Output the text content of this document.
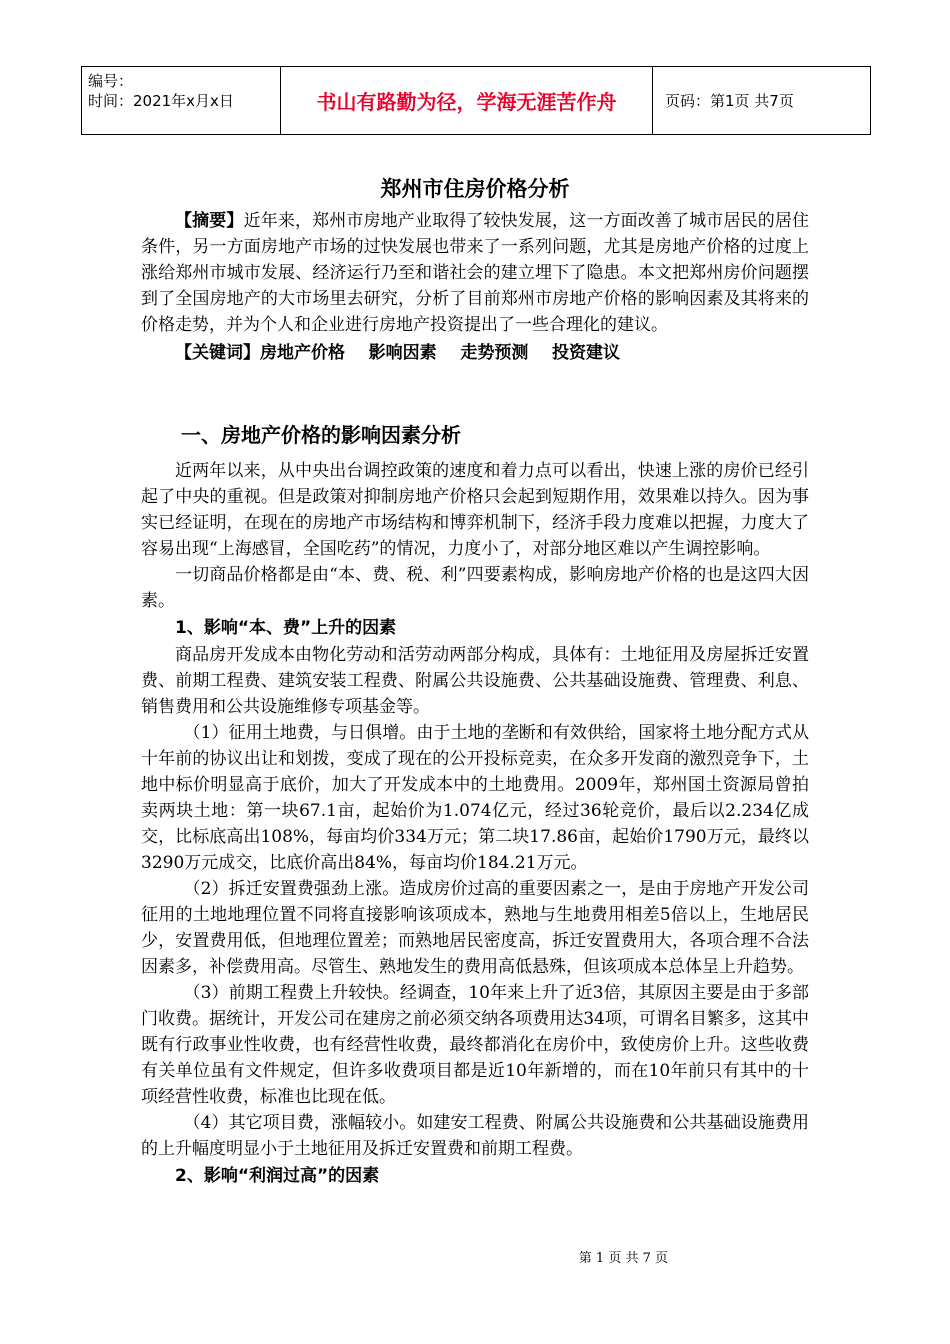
编号：
时间：2021年x月x日	书山有路勤为径，学海无涯苦作舟	页码：第1页 共7页
郑州市住房价格分析

【摘要】近年来，郑州市房地产业取得了较快发展，这一方面改善了城市居民的居住条件，另一方面房地产市场的过快发展也带来了一系列问题，尤其是房地产价格的过度上涨给郑州市城市发展、经济运行乃至和谐社会的建立埋下了隐患。本文把郑州房价问题摆到了全国房地产的大市场里去研究，分析了目前郑州市房地产价格的影响因素及其将来的价格走势，并为个人和企业进行房地产投资提出了一些合理化的建议。

【关键词】房地产价格    影响因素    走势预测    投资建议

一、房地产价格的影响因素分析

近两年以来，从中央出台调控政策的速度和着力点可以看出，快速上涨的房价已经引起了中央的重视。但是政策对抑制房地产价格只会起到短期作用，效果难以持久。因为事实已经证明，在现在的房地产市场结构和博弈机制下，经济手段力度难以把握，力度大了容易出现“上海感冒，全国吃药”的情况，力度小了，对部分地区难以产生调控影响。

一切商品价格都是由“本、费、税、利”四要素构成，影响房地产价格的也是这四大因素。

1、影响“本、费”上升的因素

商品房开发成本由物化劳动和活劳动两部分构成，具体有：土地征用及房屋拆迁安置费、前期工程费、建筑安装工程费、附属公共设施费、公共基础设施费、管理费、利息、销售费用和公共设施维修专项基金等。

（1）征用土地费，与日俱增。由于土地的垄断和有效供给，国家将土地分配方式从十年前的协议出让和划拨，变成了现在的公开投标竞卖，在众多开发商的激烈竞争下，土地中标价明显高于底价，加大了开发成本中的土地费用。2009年，郑州国土资源局曾拍卖两块土地：第一块67.1亩，起始价为1.074亿元，经过36轮竞价，最后以2.234亿成交，比标底高出108%，每亩均价334万元；第二块17.86亩，起始价1790万元，最终以3290万元成交，比底价高出84%，每亩均价184.21万元。

（2）拆迁安置费强劲上涨。造成房价过高的重要因素之一，是由于房地产开发公司征用的土地地理位置不同将直接影响该项成本，熟地与生地费用相差5倍以上，生地居民少，安置费用低，但地理位置差；而熟地居民密度高，拆迁安置费用大，各项合理不合法因素多，补偿费用高。尽管生、熟地发生的费用高低悬殊，但该项成本总体呈上升趋势。

（3）前期工程费上升较快。经调查，10年来上升了近3倍，其原因主要是由于多部门收费。据统计，开发公司在建房之前必须交纳各项费用达34项，可谓名目繁多，这其中既有行政事业性收费，也有经营性收费，最终都消化在房价中，致使房价上升。这些收费有关单位虽有文件规定，但许多收费项目都是近10年新增的，而在10年前只有其中的十项经营性收费，标准也比现在低。

（4）其它项目费，涨幅较小。如建安工程费、附属公共设施费和公共基础设施费用的上升幅度明显小于土地征用及拆迁安置费和前期工程费。

2、影响“利润过高”的因素

第 1 页 共 7 页
